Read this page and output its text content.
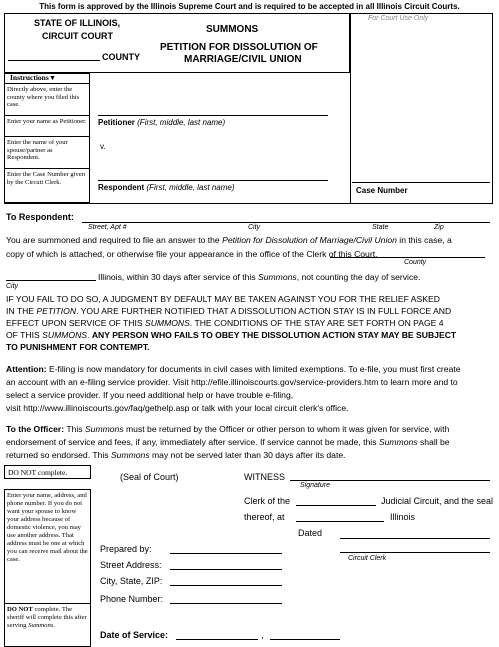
This form is approved by the Illinois Supreme Court and is required to be accepted in all Illinois Circuit Courts.
For Court Use Only
STATE OF ILLINOIS,
CIRCUIT COURT
COUNTY
SUMMONS
PETITION FOR DISSOLUTION OF
MARRIAGE/CIVIL UNION
Instructions ▾
Directly above, enter the county where you filed this case.
Enter your name as Petitioner.
Enter the name of your spouse/partner as Respondent.
Enter the Case Number given by the Circuit Clerk.
Petitioner (First, middle, last name)
v.
Respondent (First, middle, last name)	Case Number
To Respondent:
Street, Apt #	City	State	Zip
You are summoned and required to file an answer to the Petition for Dissolution of Marriage/Civil Union in this case, a
copy of which is attached, or otherwise file your appearance in the office of the Clerk of this Court,
County
Illinois, within 30 days after service of this Summons, not counting the day of service.
City
IF YOU FAIL TO DO SO, A JUDGMENT BY DEFAULT MAY BE TAKEN AGAINST YOU FOR THE RELIEF ASKED
IN THE PETITION. YOU ARE FURTHER NOTIFIED THAT A DISSOLUTION ACTION STAY IS IN FULL FORCE AND
EFFECT UPON SERVICE OF THIS SUMMONS. THE CONDITIONS OF THE STAY ARE SET FORTH ON PAGE 4
OF THIS SUMMONS. ANY PERSON WHO FAILS TO OBEY THE DISSOLUTION ACTION STAY MAY BE SUBJECT
TO PUNISHMENT FOR CONTEMPT.
Attention: E-filing is now mandatory for documents in civil cases with limited exemptions. To e-file, you must first create
an account with an e-filing service provider. Visit http://efile.illinoiscourts.gov/service-providers.htm to learn more and to
select a service provider. If you need additional help or have trouble e-filing,
visit http://www.illinoiscourts.gov/faq/gethelp.asp or talk with your local circuit clerk's office.
To the Officer: This Summons must be returned by the Officer or other person to whom it was given for service, with
endorsement of service and fees, if any, immediately after service. If service cannot be made, this Summons shall be
returned so endorsed. This Summons may not be served later than 30 days after its date.
DO NOT complete.
Enter your name, address, and phone number. If you do not want your spouse to know your address because of domestic violence, you may use another address. That address must be one at which you can receive mail about the case.
DO NOT complete. The sheriff will complete this after serving Summons.
(Seal of Court)	WITNESS
Signature
Clerk of the	Judicial Circuit, and the seal
thereof, at	Illinois
Dated
Circuit Clerk
Prepared by:
Street Address:
City, State, ZIP:
Phone Number:
Date of Service:	,
